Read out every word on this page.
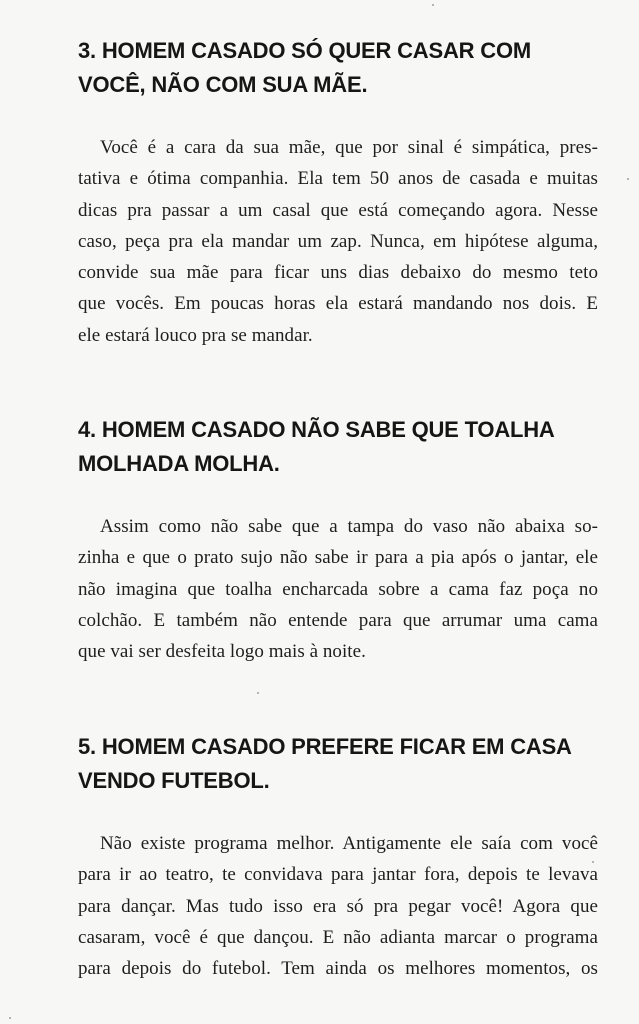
3. HOMEM CASADO SÓ QUER CASAR COM
VOCÊ, NÃO COM SUA MÃE.

Você é a cara da sua mãe, que por sinal é simpática, pres-
tativa e ótima companhia. Ela tem 50 anos de casada e muitas
dicas pra passar a um casal que está começando agora. Nesse
caso, peça pra ela mandar um zap. Nunca, em hipótese alguma,
convide sua mãe para ficar uns dias debaixo do mesmo teto
que vocês. Em poucas horas ela estará mandando nos dois. E
ele estará louco pra se mandar.

4. HOMEM CASADO NÃO SABE QUE TOALHA
MOLHADA MOLHA.

Assim como não sabe que a tampa do vaso não abaixa so-
zinha e que o prato sujo não sabe ir para a pia após o jantar, ele
não imagina que toalha encharcada sobre a cama faz poça no
colchão. E também não entende para que arrumar uma cama
que vai ser desfeita logo mais à noite.

5. HOMEM CASADO PREFERE FICAR EM CASA
VENDO FUTEBOL.

Não existe programa melhor. Antigamente ele saía com você
para ir ao teatro, te convidava para jantar fora, depois te levava
para dançar. Mas tudo isso era só pra pegar você! Agora que
casaram, você é que dançou. E não adianta marcar o programa
para depois do futebol. Tem ainda os melhores momentos, os
